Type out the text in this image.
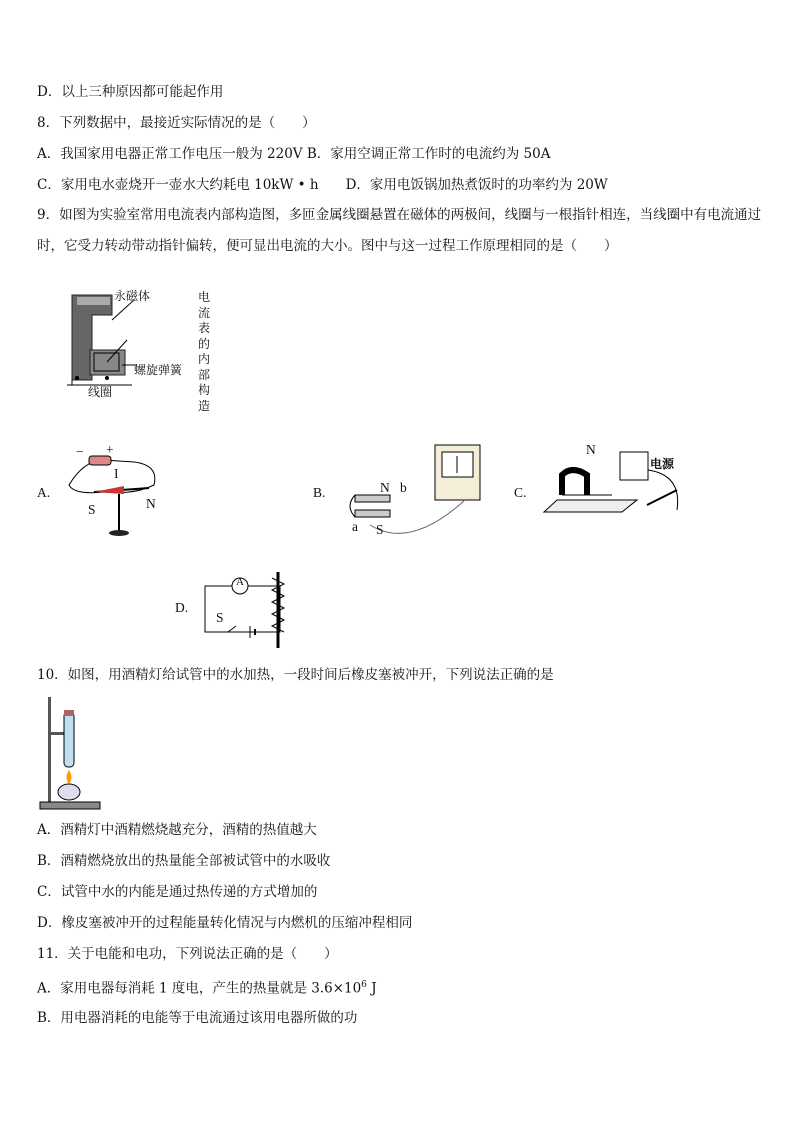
D．以上三种原因都可能起作用
8．下列数据中，最接近实际情况的是（　　）
A．我国家用电器正常工作电压一般为 220V B．家用空调正常工作时的电流约为 50A
C．家用电水壶烧开一壶水大约耗电 10kW • h　　D．家用电饭锅加热煮饭时的功率约为 20W
9．如图为实验室常用电流表内部构造图，多匝金属线圈悬置在磁体的两极间，线圈与一根指针相连，当线圈中有电流通过时，它受力转动带动指针偏转，便可显出电流的大小。图中与这一过程工作原理相同的是（　　）
永磁体
螺旋弹簧
线圈
电流表的内部构造
A.
− +
I
S	N
B.	N b
a S
C.
N
电源
D.
A
S
10．如图，用酒精灯给试管中的水加热，一段时间后橡皮塞被冲开，下列说法正确的是
A．酒精灯中酒精燃烧越充分，酒精的热值越大
B．酒精燃烧放出的热量能全部被试管中的水吸收
C．试管中水的内能是通过热传递的方式增加的
D．橡皮塞被冲开的过程能量转化情况与内燃机的压缩冲程相同
11．关于电能和电功，下列说法正确的是（　　）
A．家用电器每消耗 1 度电，产生的热量就是 $3.6\times 10^6$ J
B．用电器消耗的电能等于电流通过该用电器所做的功
